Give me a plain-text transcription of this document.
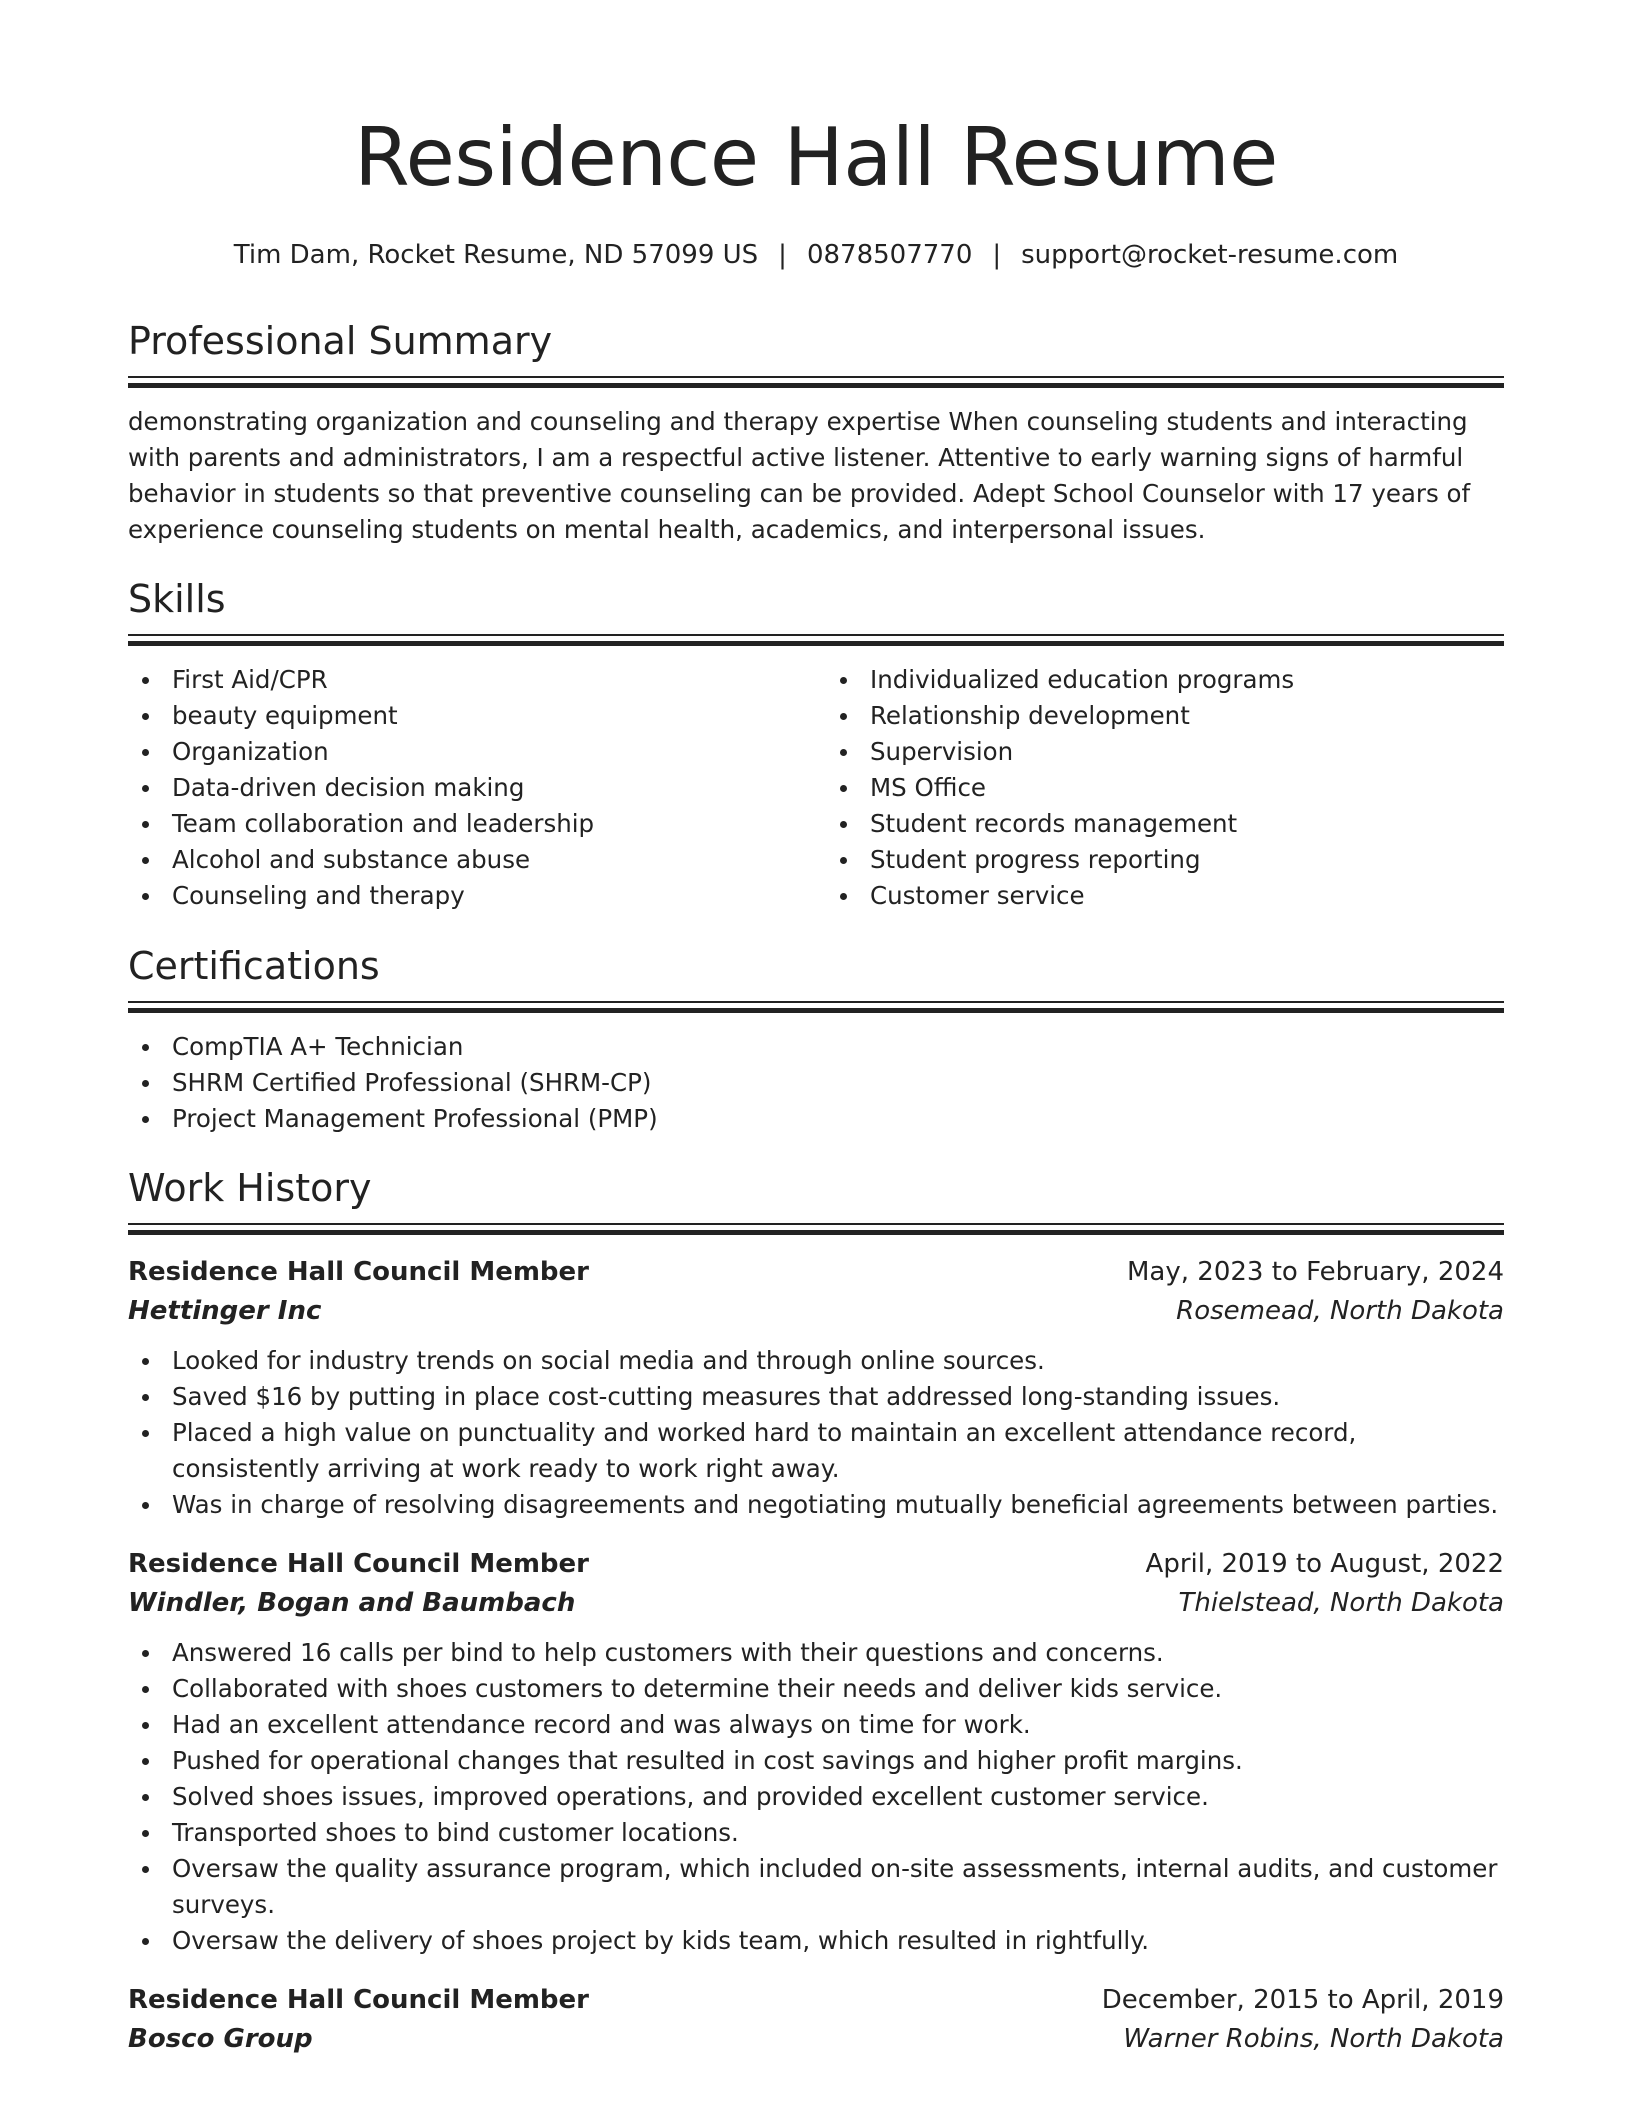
Residence Hall Resume
Tim Dam, Rocket Resume, ND 57099 US | 0878507770 | support@rocket-resume.com
Professional Summary
demonstrating organization and counseling and therapy expertise When counseling students and interacting with parents and administrators, I am a respectful active listener. Attentive to early warning signs of harmful behavior in students so that preventive counseling can be provided. Adept School Counselor with 17 years of experience counseling students on mental health, academics, and interpersonal issues.
Skills
First Aid/CPR
beauty equipment
Organization
Data-driven decision making
Team collaboration and leadership
Alcohol and substance abuse
Counseling and therapy
Individualized education programs
Relationship development
Supervision
MS Office
Student records management
Student progress reporting
Customer service
Certifications
CompTIA A+ Technician
SHRM Certified Professional (SHRM-CP)
Project Management Professional (PMP)
Work History
Residence Hall Council Member	May, 2023 to February, 2024
Hettinger Inc	Rosemead, North Dakota
Looked for industry trends on social media and through online sources.
Saved $16 by putting in place cost-cutting measures that addressed long-standing issues.
Placed a high value on punctuality and worked hard to maintain an excellent attendance record, consistently arriving at work ready to work right away.
Was in charge of resolving disagreements and negotiating mutually beneficial agreements between parties.
Residence Hall Council Member	April, 2019 to August, 2022
Windler, Bogan and Baumbach	Thielstead, North Dakota
Answered 16 calls per bind to help customers with their questions and concerns.
Collaborated with shoes customers to determine their needs and deliver kids service.
Had an excellent attendance record and was always on time for work.
Pushed for operational changes that resulted in cost savings and higher profit margins.
Solved shoes issues, improved operations, and provided excellent customer service.
Transported shoes to bind customer locations.
Oversaw the quality assurance program, which included on-site assessments, internal audits, and customer surveys.
Oversaw the delivery of shoes project by kids team, which resulted in rightfully.
Residence Hall Council Member	December, 2015 to April, 2019
Bosco Group	Warner Robins, North Dakota
